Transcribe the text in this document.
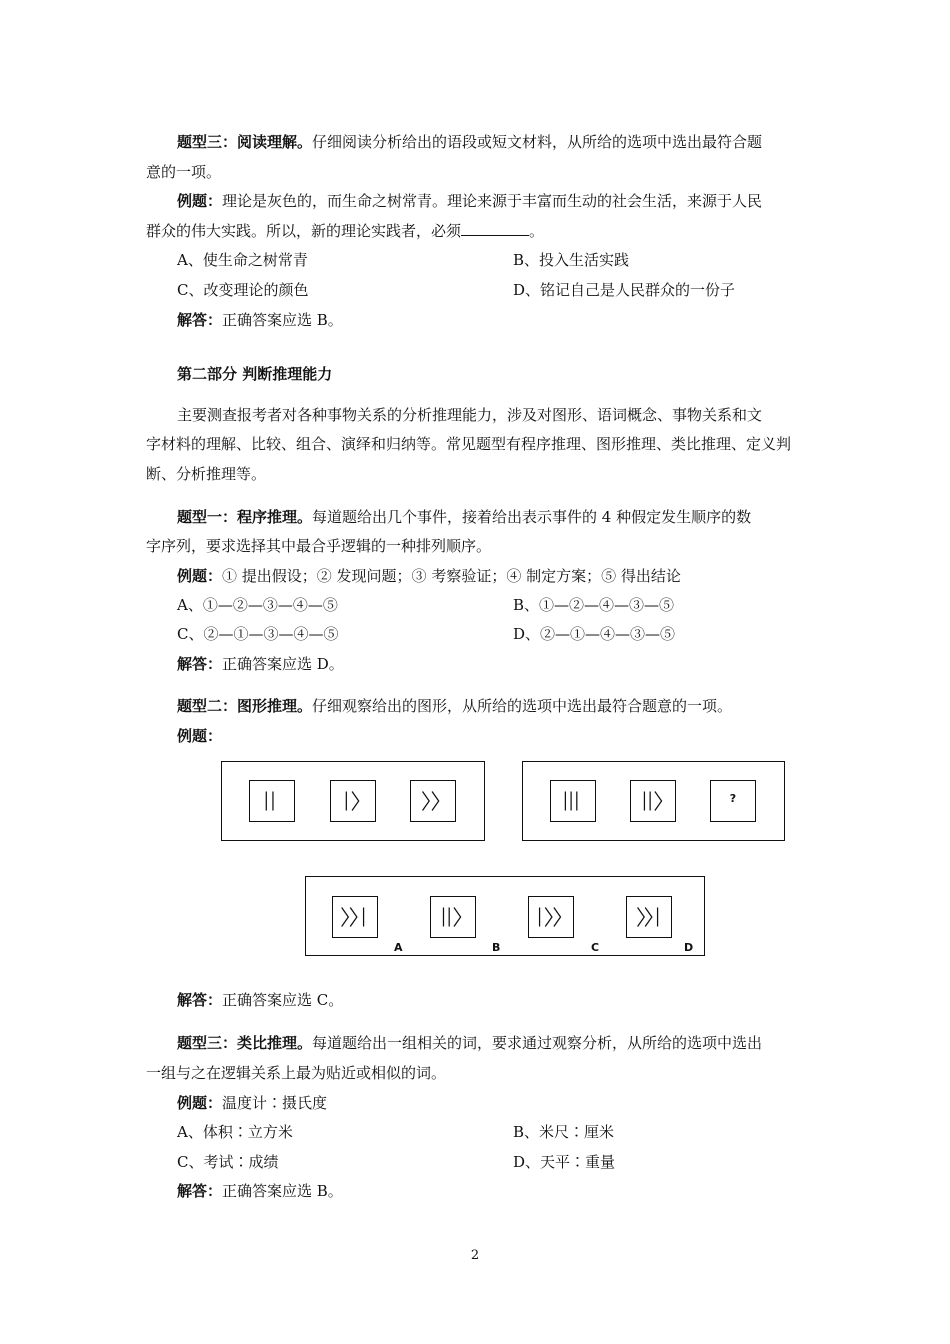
题型三：阅读理解。仔细阅读分析给出的语段或短文材料，从所给的选项中选出最符合题
意的一项。
例题：理论是灰色的，而生命之树常青。理论来源于丰富而生动的社会生活，来源于人民
群众的伟大实践。所以，新的理论实践者，必须	。
A、使生命之树常青	B、投入生活实践
C、改变理论的颜色	D、铭记自己是人民群众的一份子
解答：正确答案应选 B。
第二部分 判断推理能力
主要测查报考者对各种事物关系的分析推理能力，涉及对图形、语词概念、事物关系和文
字材料的理解、比较、组合、演绎和归纳等。常见题型有程序推理、图形推理、类比推理、定义判
断、分析推理等。
题型一：程序推理。每道题给出几个事件，接着给出表示事件的 4 种假定发生顺序的数
字序列，要求选择其中最合乎逻辑的一种排列顺序。
例题：① 提出假设；② 发现问题；③ 考察验证；④ 制定方案；⑤ 得出结论
A、①—②—③—④—⑤	B、①—②—④—③—⑤
C、②—①—③—④—⑤	D、②—①—④—③—⑤
解答：正确答案应选 D。
题型二：图形推理。仔细观察给出的图形，从所给的选项中选出最符合题意的一项。
例题：
?
A	B	C	D
解答：正确答案应选 C。
题型三：类比推理。每道题给出一组相关的词，要求通过观察分析，从所给的选项中选出
一组与之在逻辑关系上最为贴近或相似的词。
例题：温度计∶摄氏度
A、体积∶立方米	B、米尺∶厘米
C、考试∶成绩	D、天平∶重量
解答：正确答案应选 B。
2
